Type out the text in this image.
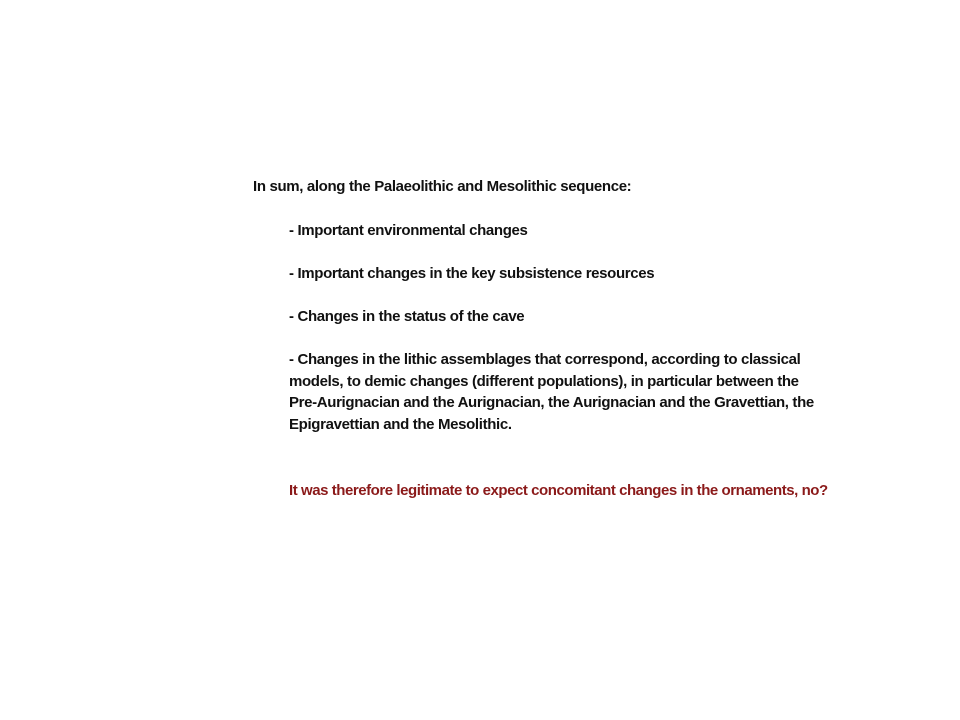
In sum, along the Palaeolithic and Mesolithic sequence:

- Important environmental changes
- Important changes in the key subsistence resources
- Changes in the status of the cave
- Changes in the lithic assemblages that correspond, according to classical
models, to demic changes (different populations), in particular between the
Pre-Aurignacian and the Aurignacian, the Aurignacian and the Gravettian, the
Epigravettian and the Mesolithic.

It was therefore legitimate to expect concomitant changes in the ornaments, no?
